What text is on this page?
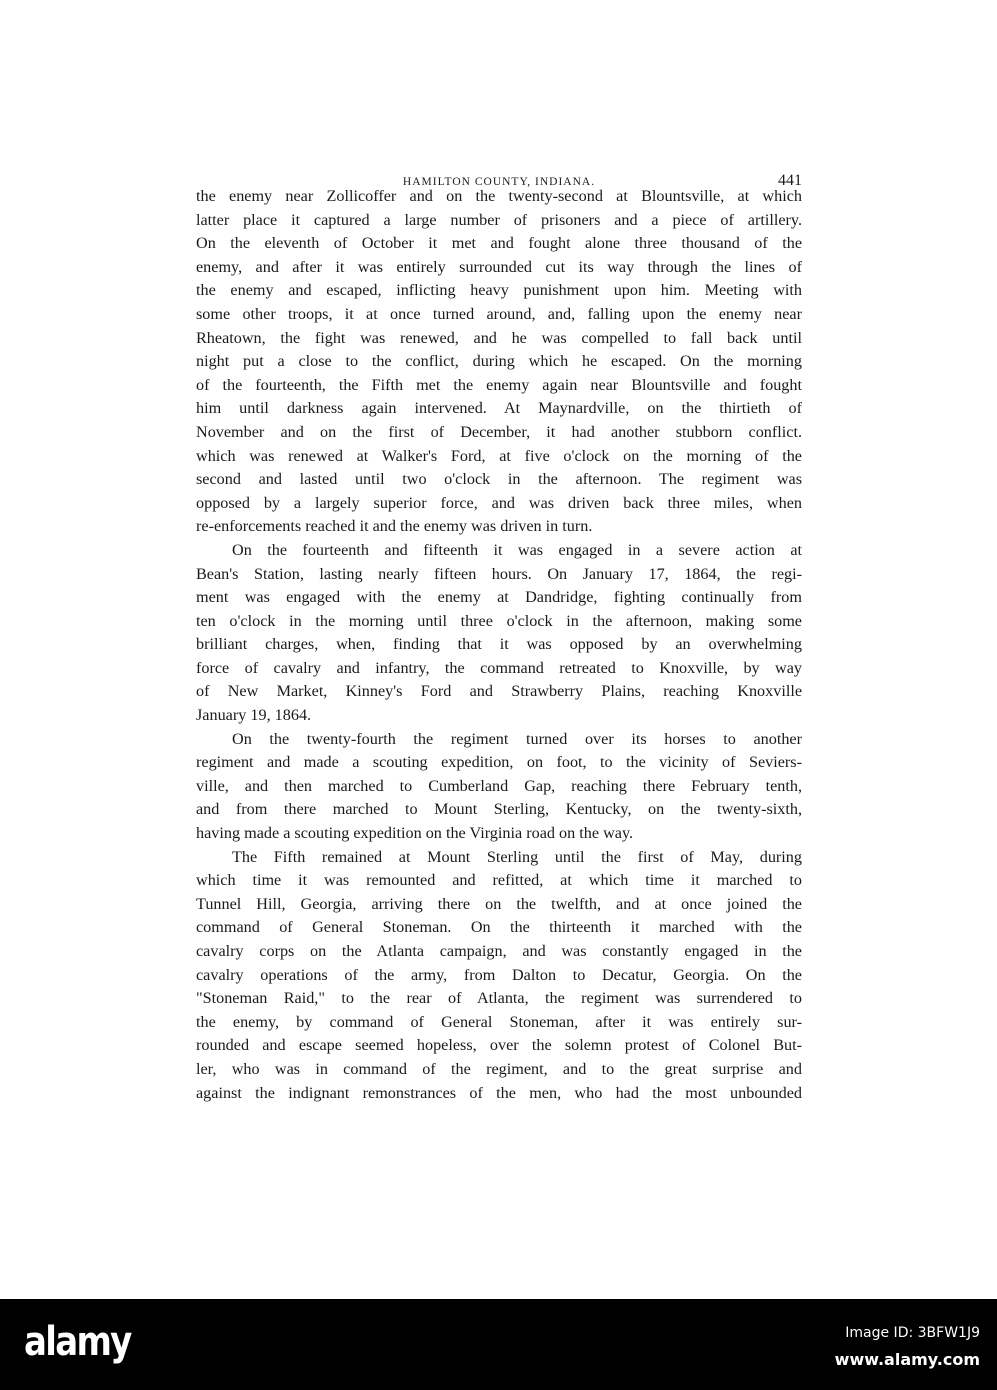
HAMILTON COUNTY, INDIANA.	441
the enemy near Zollicoffer and on the twenty-second at Blountsville, at which
latter place it captured a large number of prisoners and a piece of artillery.
On the eleventh of October it met and fought alone three thousand of the
enemy, and after it was entirely surrounded cut its way through the lines of
the enemy and escaped, inflicting heavy punishment upon him. Meeting with
some other troops, it at once turned around, and, falling upon the enemy near
Rheatown, the fight was renewed, and he was compelled to fall back until
night put a close to the conflict, during which he escaped. On the morning
of the fourteenth, the Fifth met the enemy again near Blountsville and fought
him until darkness again intervened. At Maynardville, on the thirtieth of
November and on the first of December, it had another stubborn conflict.
which was renewed at Walker's Ford, at five o'clock on the morning of the
second and lasted until two o'clock in the afternoon. The regiment was
opposed by a largely superior force, and was driven back three miles, when
re-enforcements reached it and the enemy was driven in turn.
On the fourteenth and fifteenth it was engaged in a severe action at
Bean's Station, lasting nearly fifteen hours. On January 17, 1864, the regi-
ment was engaged with the enemy at Dandridge, fighting continually from
ten o'clock in the morning until three o'clock in the afternoon, making some
brilliant charges, when, finding that it was opposed by an overwhelming
force of cavalry and infantry, the command retreated to Knoxville, by way
of New Market, Kinney's Ford and Strawberry Plains, reaching Knoxville
January 19, 1864.
On the twenty-fourth the regiment turned over its horses to another
regiment and made a scouting expedition, on foot, to the vicinity of Seviers-
ville, and then marched to Cumberland Gap, reaching there February tenth,
and from there marched to Mount Sterling, Kentucky, on the twenty-sixth,
having made a scouting expedition on the Virginia road on the way.
The Fifth remained at Mount Sterling until the first of May, during
which time it was remounted and refitted, at which time it marched to
Tunnel Hill, Georgia, arriving there on the twelfth, and at once joined the
command of General Stoneman. On the thirteenth it marched with the
cavalry corps on the Atlanta campaign, and was constantly engaged in the
cavalry operations of the army, from Dalton to Decatur, Georgia. On the
"Stoneman Raid," to the rear of Atlanta, the regiment was surrendered to
the enemy, by command of General Stoneman, after it was entirely sur-
rounded and escape seemed hopeless, over the solemn protest of Colonel But-
ler, who was in command of the regiment, and to the great surprise and
against the indignant remonstrances of the men, who had the most unbounded
alamy	Image ID: 3BFW1J9
www.alamy.com
